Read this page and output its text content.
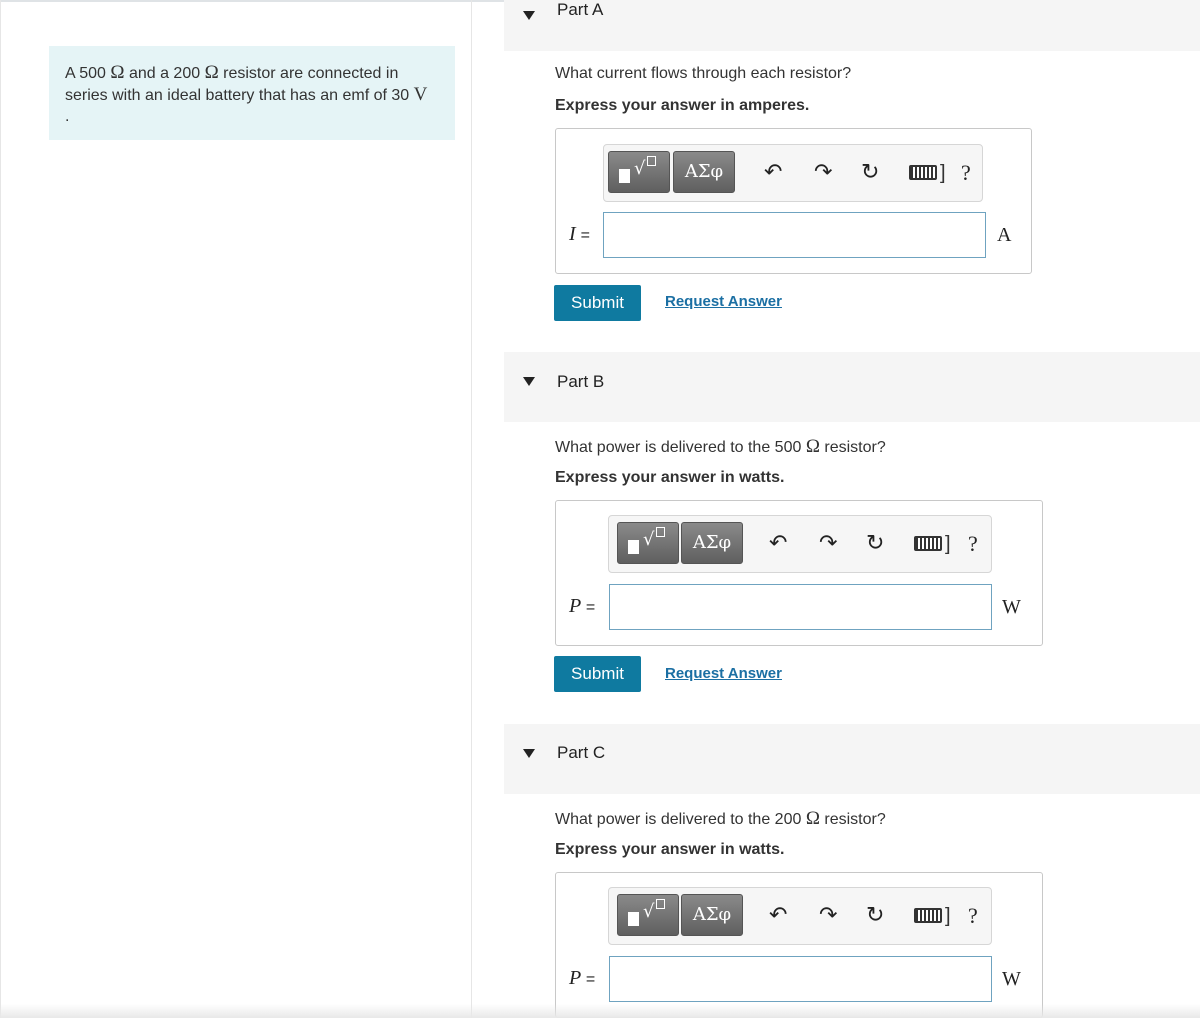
A 500 Ω and a 200 Ω resistor are connected in
series with an ideal battery that has an emf of 30 V
.
Part A
What current flows through each resistor?
Express your answer in amperes.
√	ΑΣφ	↶ ↷ ↻	] ?
I =	A
Submit	Request Answer
Part B
What power is delivered to the 500 Ω resistor?
Express your answer in watts.
√	ΑΣφ	↶ ↷ ↻	] ?
P =	W
Submit	Request Answer
Part C
What power is delivered to the 200 Ω resistor?
Express your answer in watts.
√	ΑΣφ	↶ ↷ ↻	] ?
P =	W
